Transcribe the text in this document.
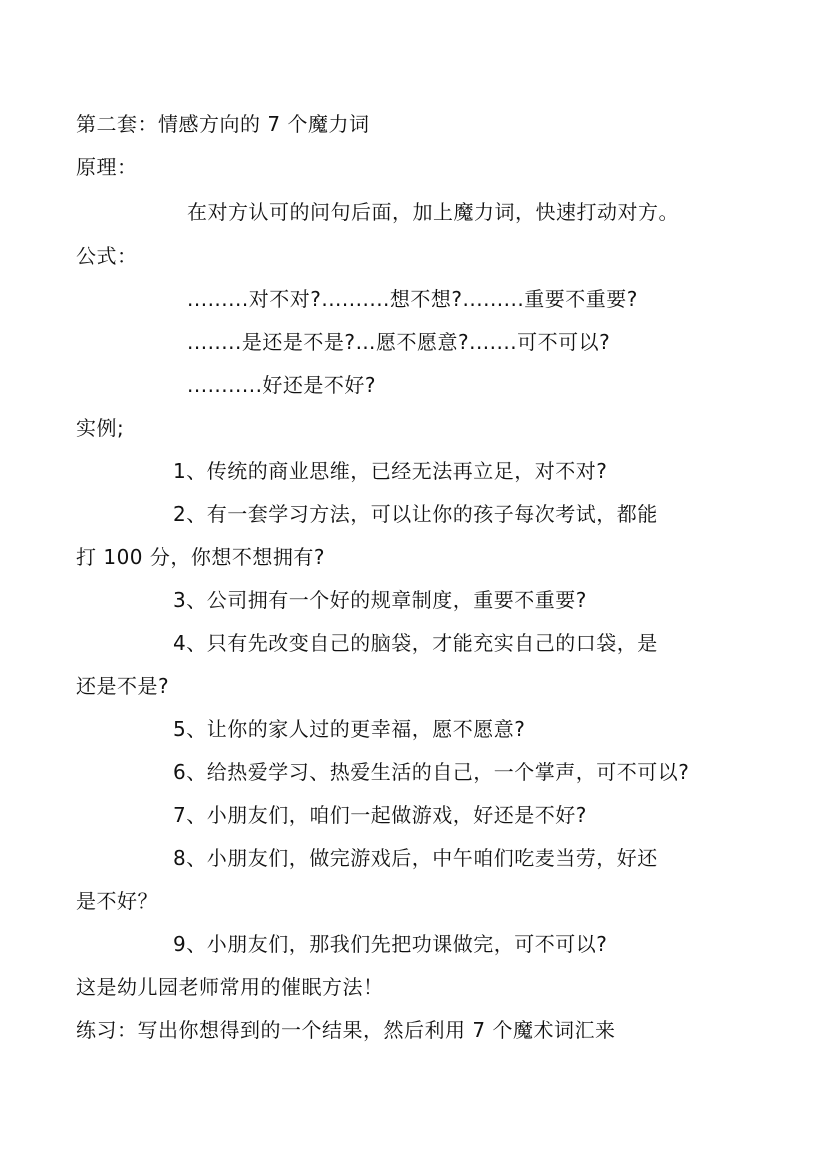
第二套：情感方向的 7 个魔力词
原理：
在对方认可的问句后面，加上魔力词，快速打动对方。
公式：
.........对不对?..........想不想?.........重要不重要?
........是还是不是?…愿不愿意?.......可不可以?
...........好还是不好?
实例;
1、传统的商业思维，已经无法再立足，对不对?
2、有一套学习方法，可以让你的孩子每次考试，都能
打 100 分，你想不想拥有?
3、公司拥有一个好的规章制度，重要不重要?
4、只有先改变自己的脑袋，才能充实自己的口袋，是
还是不是?
5、让你的家人过的更幸福，愿不愿意?
6、给热爱学习、热爱生活的自己，一个掌声，可不可以?
7、小朋友们，咱们一起做游戏，好还是不好?
8、小朋友们，做完游戏后，中午咱们吃麦当劳，好还
是不好？
9、小朋友们，那我们先把功课做完，可不可以?
这是幼儿园老师常用的催眠方法！
练习：写出你想得到的一个结果，然后利用 7 个魔术词汇来
